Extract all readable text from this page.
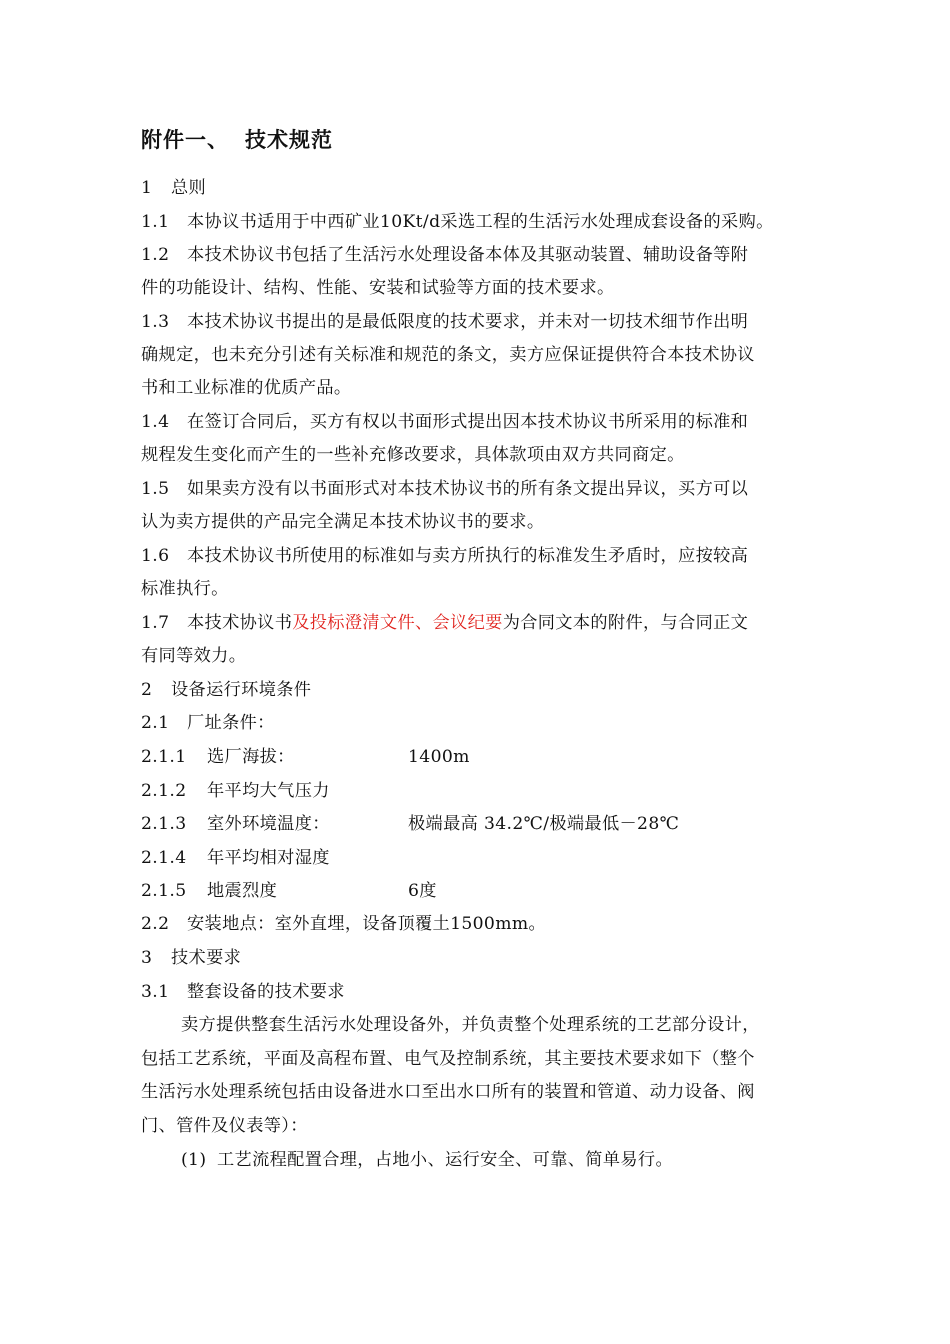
附件一、 技术规范
1 总则
1.1 本协议书适用于中西矿业10Kt/d采选工程的生活污水处理成套设备的采购。
1.2 本技术协议书包括了生活污水处理设备本体及其驱动装置、辅助设备等附
件的功能设计、结构、性能、安装和试验等方面的技术要求。
1.3 本技术协议书提出的是最低限度的技术要求，并未对一切技术细节作出明
确规定，也未充分引述有关标准和规范的条文，卖方应保证提供符合本技术协议
书和工业标准的优质产品。
1.4 在签订合同后，买方有权以书面形式提出因本技术协议书所采用的标准和
规程发生变化而产生的一些补充修改要求，具体款项由双方共同商定。
1.5 如果卖方没有以书面形式对本技术协议书的所有条文提出异议，买方可以
认为卖方提供的产品完全满足本技术协议书的要求。
1.6 本技术协议书所使用的标准如与卖方所执行的标准发生矛盾时，应按较高
标准执行。
1.7 本技术协议书及投标澄清文件、会议纪要为合同文本的附件，与合同正文
有同等效力。
2 设备运行环境条件
2.1 厂址条件：
2.1.1 选厂海拔：	1400m
2.1.2 年平均大气压力
2.1.3 室外环境温度：	极端最高 34.2℃/极端最低－28℃
2.1.4 年平均相对湿度
2.1.5 地震烈度	6度
2.2 安装地点：室外直埋，设备顶覆土1500mm。
3 技术要求
3.1 整套设备的技术要求
卖方提供整套生活污水处理设备外，并负责整个处理系统的工艺部分设计，
包括工艺系统，平面及高程布置、电气及控制系统，其主要技术要求如下（整个
生活污水处理系统包括由设备进水口至出水口所有的装置和管道、动力设备、阀
门、管件及仪表等）：
(1) 工艺流程配置合理，占地小、运行安全、可靠、简单易行。
